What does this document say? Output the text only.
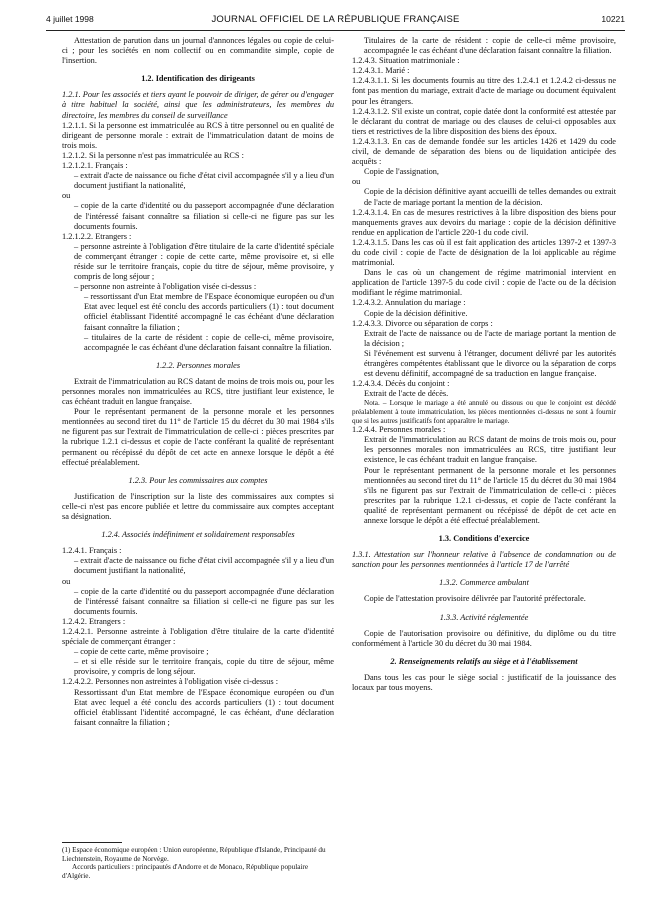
4 juillet 1998	JOURNAL OFFICIEL DE LA RÉPUBLIQUE FRANÇAISE	10221

Attestation de parution dans un journal d'annonces légales ou copie de celui-ci ; pour les sociétés en nom collectif ou en commandite simple, copie de l'insertion.

1.2. Identification des dirigeants

1.2.1. Pour les associés et tiers ayant le pouvoir de diriger, de gérer ou d'engager à titre habituel la société, ainsi que les administrateurs, les membres du directoire, les membres du conseil de surveillance

1.2.1.1. Si la personne est immatriculée au RCS à titre personnel ou en qualité de dirigeant de personne morale : extrait de l'immatriculation datant de moins de trois mois.

1.2.1.2. Si la personne n'est pas immatriculée au RCS :

1.2.1.2.1. Français :

– extrait d'acte de naissance ou fiche d'état civil accompagnée s'il y a lieu d'un document justifiant la nationalité,

ou

– copie de la carte d'identité ou du passeport accompagnée d'une déclaration de l'intéressé faisant connaître sa filiation si celle-ci ne figure pas sur les documents fournis.

1.2.1.2.2. Etrangers :

– personne astreinte à l'obligation d'être titulaire de la carte d'identité spéciale de commerçant étranger : copie de cette carte, même provisoire et, si elle réside sur le territoire français, copie du titre de séjour, même provisoire, y compris de long séjour ;

– personne non astreinte à l'obligation visée ci-dessus :

– ressortissant d'un Etat membre de l'Espace économique européen ou d'un Etat avec lequel est été conclu des accords particuliers (1) : tout document officiel établissant l'identité accompagné le cas échéant d'une déclaration faisant connaître la filiation ;

– titulaires de la carte de résident : copie de celle-ci, même provisoire, accompagnée le cas échéant d'une déclaration faisant connaître la filiation.

1.2.2. Personnes morales

Extrait de l'immatriculation au RCS datant de moins de trois mois ou, pour les personnes morales non immatriculées au RCS, titre justifiant leur existence, le cas échéant traduit en langue française.

Pour le représentant permanent de la personne morale et les personnes mentionnées au second tiret du 11° de l'article 15 du décret du 30 mai 1984 s'ils ne figurent pas sur l'extrait de l'immatriculation de celle-ci : pièces prescrites par la rubrique 1.2.1 ci-dessus et copie de l'acte conférant la qualité de représentant permanent ou récépissé du dépôt de cet acte en annexe lorsque le dépôt a été effectué préalablement.

1.2.3. Pour les commissaires aux comptes

Justification de l'inscription sur la liste des commissaires aux comptes si celle-ci n'est pas encore publiée et lettre du commissaire aux comptes acceptant sa désignation.

1.2.4. Associés indéfiniment et solidairement responsables

1.2.4.1. Français :

– extrait d'acte de naissance ou fiche d'état civil accompagnée s'il y a lieu d'un document justifiant la nationalité,

ou

– copie de la carte d'identité ou du passeport accompagnée d'une déclaration de l'intéressé faisant connaître sa filiation si celle-ci ne figure pas sur les documents fournis.

1.2.4.2. Etrangers :

1.2.4.2.1. Personne astreinte à l'obligation d'être titulaire de la carte d'identité spéciale de commerçant étranger :

– copie de cette carte, même provisoire ;

– et si elle réside sur le territoire français, copie du titre de séjour, même provisoire, y compris de long séjour.

1.2.4.2.2. Personnes non astreintes à l'obligation visée ci-dessus :

Ressortissant d'un Etat membre de l'Espace économique européen ou d'un Etat avec lequel a été conclu des accords particuliers (1) : tout document officiel établissant l'identité accompagné, le cas échéant, d'une déclaration faisant connaître la filiation ;

Titulaires de la carte de résident : copie de celle-ci même provisoire, accompagnée le cas échéant d'une déclaration faisant connaître la filiation.

1.2.4.3. Situation matrimoniale :

1.2.4.3.1. Marié :

1.2.4.3.1.1. Si les documents fournis au titre des 1.2.4.1 et 1.2.4.2 ci-dessus ne font pas mention du mariage, extrait d'acte de mariage ou document équivalent pour les étrangers.

1.2.4.3.1.2. S'il existe un contrat, copie datée dont la conformité est attestée par le déclarant du contrat de mariage ou des clauses de celui-ci opposables aux tiers et restrictives de la libre disposition des biens des époux.

1.2.4.3.1.3. En cas de demande fondée sur les articles 1426 et 1429 du code civil, de demande de séparation des biens ou de liquidation anticipée des acquêts :

Copie de l'assignation,

ou

Copie de la décision définitive ayant accueilli de telles demandes ou extrait de l'acte de mariage portant la mention de la décision.

1.2.4.3.1.4. En cas de mesures restrictives à la libre disposition des biens pour manquements graves aux devoirs du mariage : copie de la décision définitive rendue en application de l'article 220-1 du code civil.

1.2.4.3.1.5. Dans les cas où il est fait application des articles 1397-2 et 1397-3 du code civil : copie de l'acte de désignation de la loi applicable au régime matrimonial.

Dans le cas où un changement de régime matrimonial intervient en application de l'article 1397-5 du code civil : copie de l'acte ou de la décision modifiant le régime matrimonial.

1.2.4.3.2. Annulation du mariage :

Copie de la décision définitive.

1.2.4.3.3. Divorce ou séparation de corps :

Extrait de l'acte de naissance ou de l'acte de mariage portant la mention de la décision ;

Si l'événement est survenu à l'étranger, document délivré par les autorités étrangères compétentes établissant que le divorce ou la séparation de corps est devenu définitif, accompagné de sa traduction en langue française.

1.2.4.3.4. Décès du conjoint :

Extrait de l'acte de décès.

Nota. – Lorsque le mariage a été annulé ou dissous ou que le conjoint est décédé préalablement à toute immatriculation, les pièces mentionnées ci-dessus ne sont à fournir que si les autres justificatifs font apparaître le mariage.

1.2.4.4. Personnes morales :

Extrait de l'immatriculation au RCS datant de moins de trois mois ou, pour les personnes morales non immatriculées au RCS, titre justifiant leur existence, le cas échéant traduit en langue française.

Pour le représentant permanent de la personne morale et les personnes mentionnées au second tiret du 11° de l'article 15 du décret du 30 mai 1984 s'ils ne figurent pas sur l'extrait de l'immatriculation de celle-ci : pièces prescrites par la rubrique 1.2.1 ci-dessus, et copie de l'acte conférant la qualité de représentant permanent ou récépissé de dépôt de cet acte en annexe lorsque le dépôt a été effectué préalablement.

1.3. Conditions d'exercice

1.3.1. Attestation sur l'honneur relative à l'absence de condamnation ou de sanction pour les personnes mentionnées à l'article 17 de l'arrêté

1.3.2. Commerce ambulant

Copie de l'attestation provisoire délivrée par l'autorité préfectorale.

1.3.3. Activité réglementée

Copie de l'autorisation provisoire ou définitive, du diplôme ou du titre conformément à l'article 30 du décret du 30 mai 1984.

2. Renseignements relatifs au siège et à l'établissement

Dans tous les cas pour le siège social : justificatif de la jouissance des locaux par tous moyens.

(1) Espace économique européen : Union européenne, République d'Islande, Principauté du Liechtenstein, Royaume de Norvège.
Accords particuliers : principautés d'Andorre et de Monaco, République populaire d'Algérie.
